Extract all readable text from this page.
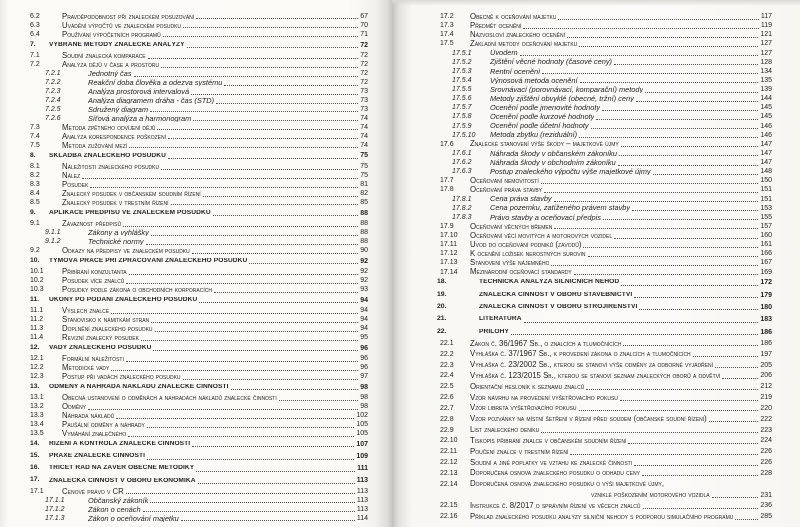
6.2	Pravděpodobnost při znaleckém posuzování	67
6.3	Uvádění výpočtů ve znaleckém posudku	70
6.4	Používání výpočetních programů	71
7.	VYBRANÉ METODY ZNALECKÉ ANALÝZY	72
7.1	Soudní znalecká komparace	72
7.2	Analýza dějů v čase a prostoru	72
7.2.1	Jednotný čas	72
7.2.2	Reakční doba člověka a odezva systému	72
7.2.3	Analýza prostorová intervalová	73
7.2.4	Analýza diagramem dráha - čas (STD)	73
7.2.5	Sdružený diagram	73
7.2.6	Síťová analýza a harmonogram	74
7.3	Metoda zpětného odvíjení dějů	74
7.4	Analýza korespondence poškození	74
7.5	Metoda zužování mezí	74
8.	SKLADBA ZNALECKÉHO POSUDKU	75
8.1	Náležitosti znaleckého posudku	75
8.2	Nález	75
8.3	Posudek	81
8.4	Znalecký posudek v občanském soudním řízení	82
8.5	Znalecký posudek v trestním řízení	85
9.	APLIKACE PŘEDPISŮ VE ZNALECKÉM POSUDKU	88
9.1	Závaznost předpisů	88
9.1.1	Zákony a vyhlášky	88
9.1.2	Technické normy	88
9.2	Odkazy na předpisy ve znaleckém posudku	90
10.	TÝMOVÁ PRÁCE PŘI ZPRACOVÁNÍ ZNALECKÉHO POSUDKU	92
10.1	Přibírání konzultanta	92
10.2	Posudek více znalců	92
10.3	Posudky podle zákona o obchodních korporacích	93
11.	ÚKONY PO PODÁNÍ ZNALECKÉHO POSUDKU	94
11.1	Výslech znalce	94
11.2	Stanovisko k námitkám stran	94
11.3	Doplnění znaleckého posudku	94
11.4	Revizní znalecký posudek	95
12.	VADY ZNALECKÉHO POSUDKU	96
12.1	Formální náležitosti	96
12.2	Metodické vady	96
12.3	Postup při vadách znaleckého posudku	97
13.	ODMĚNY A NÁHRADA NÁKLADŮ ZNALECKÉ ČINNOSTI	98
13.1	Obecná ustanovení o odměnách a náhradách nákladů znalecké činnosti	98
13.2	Odměny	98
13.3	Náhrada nákladů	102
13.4	Paušální odměny a náhrady	105
13.5	Vymáhání znalečného	105
14.	ŘÍZENÍ A KONTROLA ZNALECKÉ ČINNOSTI	107
15.	PRAXE ZNALECKÉ ČINNOSTI	109
16.	TŘICET RAD NA ZÁVĚR OBECNÉ METODIKY	111
17.	ZNALECKÁ ČINNOST V OBORU EKONOMIKA	113
17.1	Cenové právo v ČR	113
17.1.1	Občanský zákoník	113
17.1.2	Zákon o cenách	113
17.1.3	Zákon o oceňování majetku	114
17.2	Obecně k oceňování majetku	117
17.3	Předmět ocenění	119
17.4	Názvosloví znaleckého ocenění	121
17.5	Základní metody oceňování majetku	127
17.5.1	Úvodem	127
17.5.2	Zjištění věcné hodnoty (časové ceny)	128
17.5.3	Rentní ocenění	134
17.5.4	Výnosová metoda ocenění	135
17.5.5	Srovnávací (porovnávací, komparační) metody	139
17.5.6	Metody zjištění obvyklé (obecné, tržní) ceny	144
17.5.7	Ocenění podle jmenovité hodnoty	145
17.5.8	Ocenění podle kurzové hodnoty	145
17.5.9	Ocenění podle účetní hodnoty	146
17.5.10	Metoda zbytku (reziduální)	146
17.6	Znalecké stanovení výše škody – majetkové újmy	147
17.6.1	Náhrada škody v občanském zákoníku	147
17.6.2	Náhrada škody v obchodním zákoníku	147
17.6.3	Postup znaleckého výpočtu výše majetkové újmy	148
17.7	Oceňování nemovitostí	150
17.8	Oceňování práva stavby	151
17.8.1	Cena práva stavby	151
17.8.2	Cena pozemku, zatíženého právem stavby	153
17.8.3	Právo stavby a oceňovací předpis	155
17.9	Oceňování věcných břemen	157
17.10	Oceňování věcí movitých a motorových vozidel	160
17.11	Úvod do oceňování podniků (závodů)	161
17.12	K ocenění ložisek nerostných surovin	166
17.13	Stanovení výše nájemného	167
17.14	Mezinárodní oceňovací standardy	169
18.	TECHNICKÁ ANALÝZA SILNIČNÍCH NEHOD	172
19.	ZNALECKÁ ČINNOST V OBORU STAVEBNICTVÍ	179
20.	ZNALECKÁ ČINNOST V OBORU STROJÍRENSTVÍ	180
21.	LITERATURA	183
22.	PŘÍLOHY	186
22.1	Zákon č. 36/1967 Sb., o znalcích a tlumočnících	186
22.2	Vyhláška č. 37/1967 Sb., k provedení zákona o znalcích a tlumočnících	197
22.3	Vyhláška č. 23/2002 Sb., kterou se stanoví výše odměny za odborné vyjádření	205
22.4	Vyhláška č. 123/2015 Sb., kterou se stanoví seznam znaleckých oborů a odvětví	206
22.5	Orientační hesloník k seznamu znalců	212
22.6	Vzor návrhu na provedení vyšetřovacího pokusu	219
22.7	Vzor libreta vyšetřovacího pokusu	220
22.8	Vzor pozvánky na místní šetření v řízení před soudem (občanské soudní řízení)	222
22.9	List znaleckého deníku	223
22.10	Tiskopis přibrání znalce v občanském soudním řízení	224
22.11	Poučení znalce v trestním řízení	226
22.12	Soudní a jiné poplatky ve vztahu ke znalecké činnosti	226
22.13	Doporučená osnova znaleckého posudku o odhadu ceny	228
22.14	Doporučená osnova znaleckého posudku o výši majetkové újmy,
vzniklé poškozením motorového vozidla	231
22.15	Instrukce č. 8/2017 o správním řízení ve věcech znalců	236
22.16	Příklad znaleckého posudku analýzy silniční nehody s podporou simulačního programu	285
